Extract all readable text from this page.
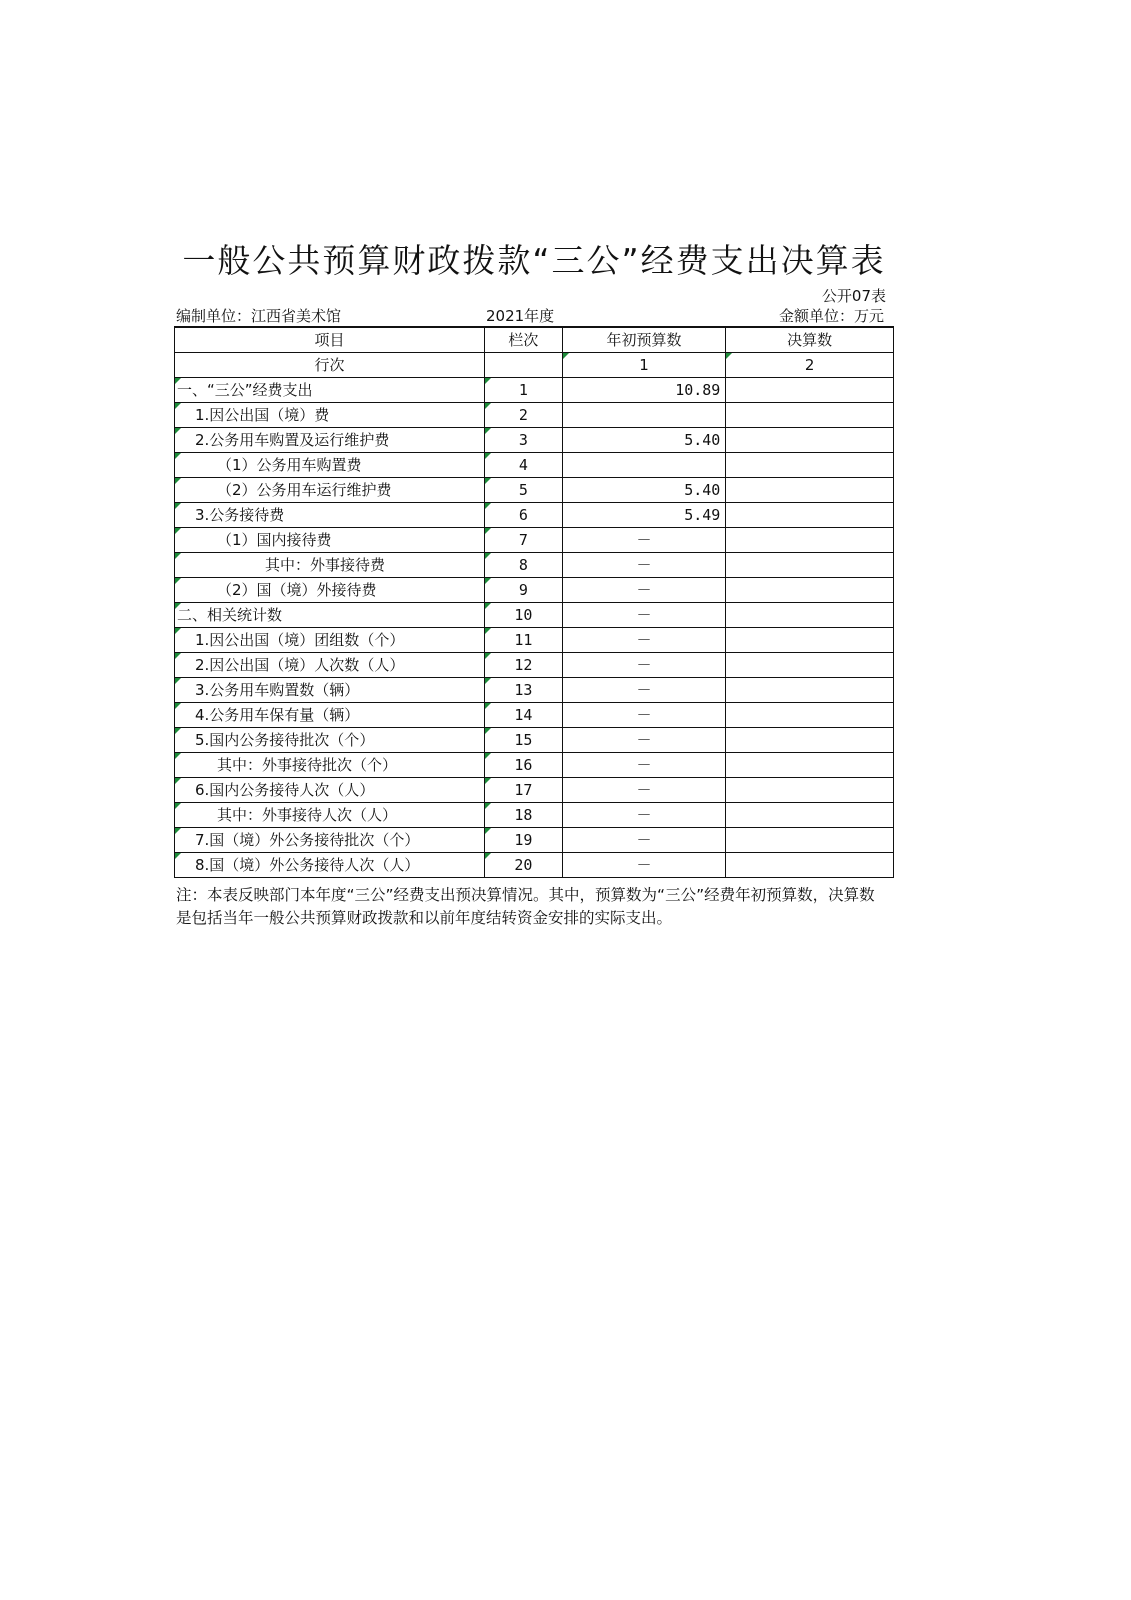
一般公共预算财政拨款“三公”经费支出决算表
公开07表
编制单位：江西省美术馆	2021年度	金额单位：万元
项目	栏次	年初预算数	决算数
行次		1	2
一、“三公”经费支出	1	10.89	
1.因公出国（境）费	2		
2.公务用车购置及运行维护费	3	5.40	
（1）公务用车购置费	4		
（2）公务用车运行维护费	5	5.40	
3.公务接待费	6	5.49	
（1）国内接待费	7	－	
其中：外事接待费	8	－	
（2）国（境）外接待费	9	－	
二、相关统计数	10	－	
1.因公出国（境）团组数（个）	11	－	
2.因公出国（境）人次数（人）	12	－	
3.公务用车购置数（辆）	13	－	
4.公务用车保有量（辆）	14	－	
5.国内公务接待批次（个）	15	－	
其中：外事接待批次（个）	16	－	
6.国内公务接待人次（人）	17	－	
其中：外事接待人次（人）	18	－	
7.国（境）外公务接待批次（个）	19	－	
8.国（境）外公务接待人次（人）	20	－	
注：本表反映部门本年度“三公”经费支出预决算情况。其中，预算数为“三公”经费年初预算数，决算数是包括当年一般公共预算财政拨款和以前年度结转资金安排的实际支出。
